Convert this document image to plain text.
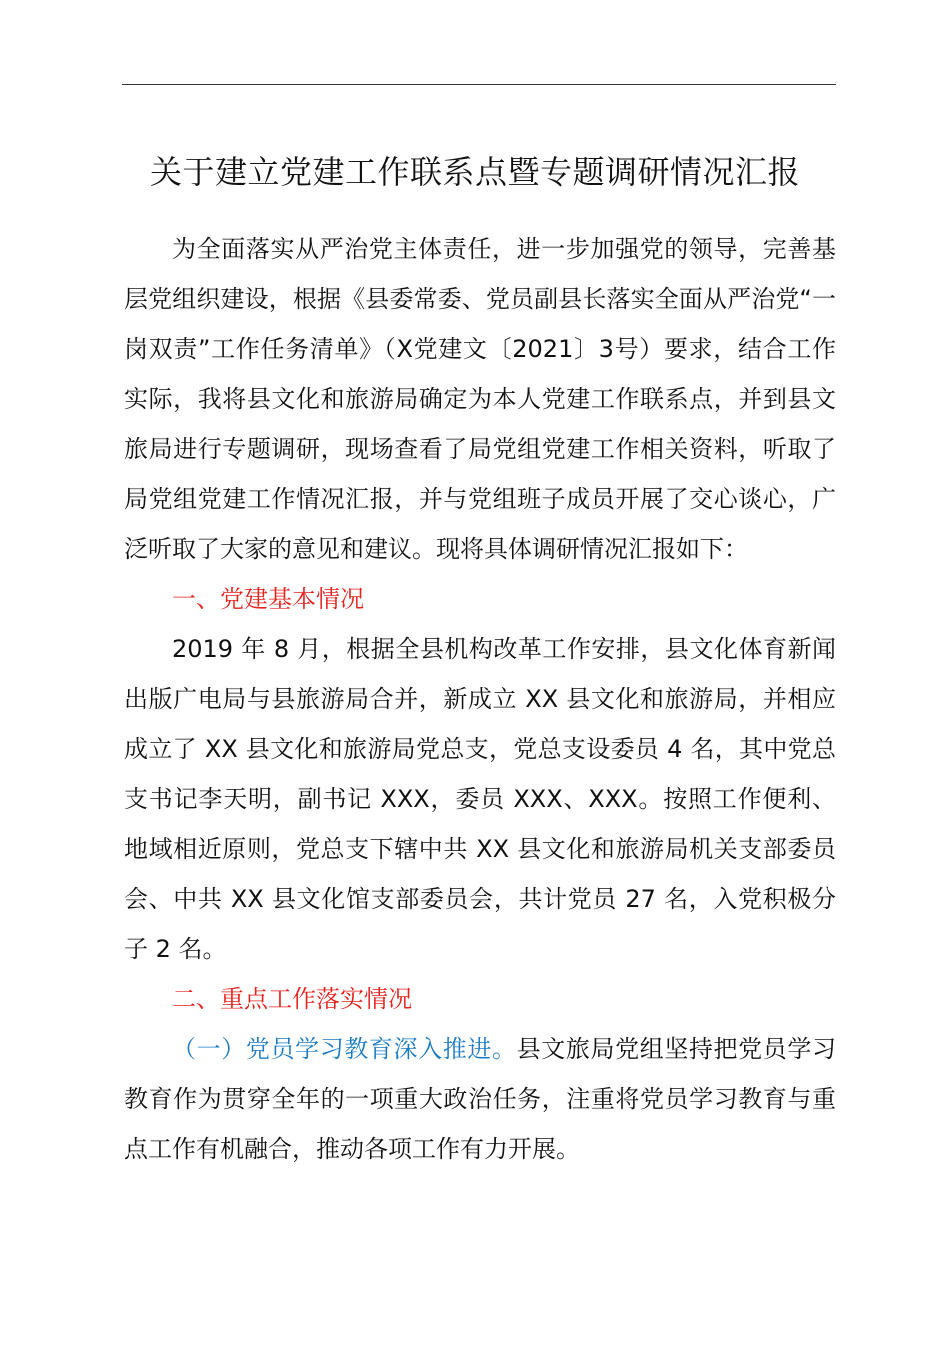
关于建立党建工作联系点暨专题调研情况汇报

为全面落实从严治党主体责任，进一步加强党的领导，完善基层党组织建设，根据《县委常委、党员副县长落实全面从严治党“一岗双责”工作任务清单》（X党建文〔2021〕3号）要求，结合工作实际，我将县文化和旅游局确定为本人党建工作联系点，并到县文旅局进行专题调研，现场查看了局党组党建工作相关资料，听取了局党组党建工作情况汇报，并与党组班子成员开展了交心谈心，广泛听取了大家的意见和建议。现将具体调研情况汇报如下：

一、党建基本情况

2019 年 8 月，根据全县机构改革工作安排，县文化体育新闻出版广电局与县旅游局合并，新成立 XX 县文化和旅游局，并相应成立了 XX 县文化和旅游局党总支，党总支设委员 4 名，其中党总支书记李天明，副书记 XXX，委员 XXX、XXX。按照工作便利、地域相近原则，党总支下辖中共 XX 县文化和旅游局机关支部委员会、中共 XX 县文化馆支部委员会，共计党员 27 名，入党积极分子 2 名。

二、重点工作落实情况

（一）党员学习教育深入推进。县文旅局党组坚持把党员学习教育作为贯穿全年的一项重大政治任务，注重将党员学习教育与重点工作有机融合，推动各项工作有力开展。
